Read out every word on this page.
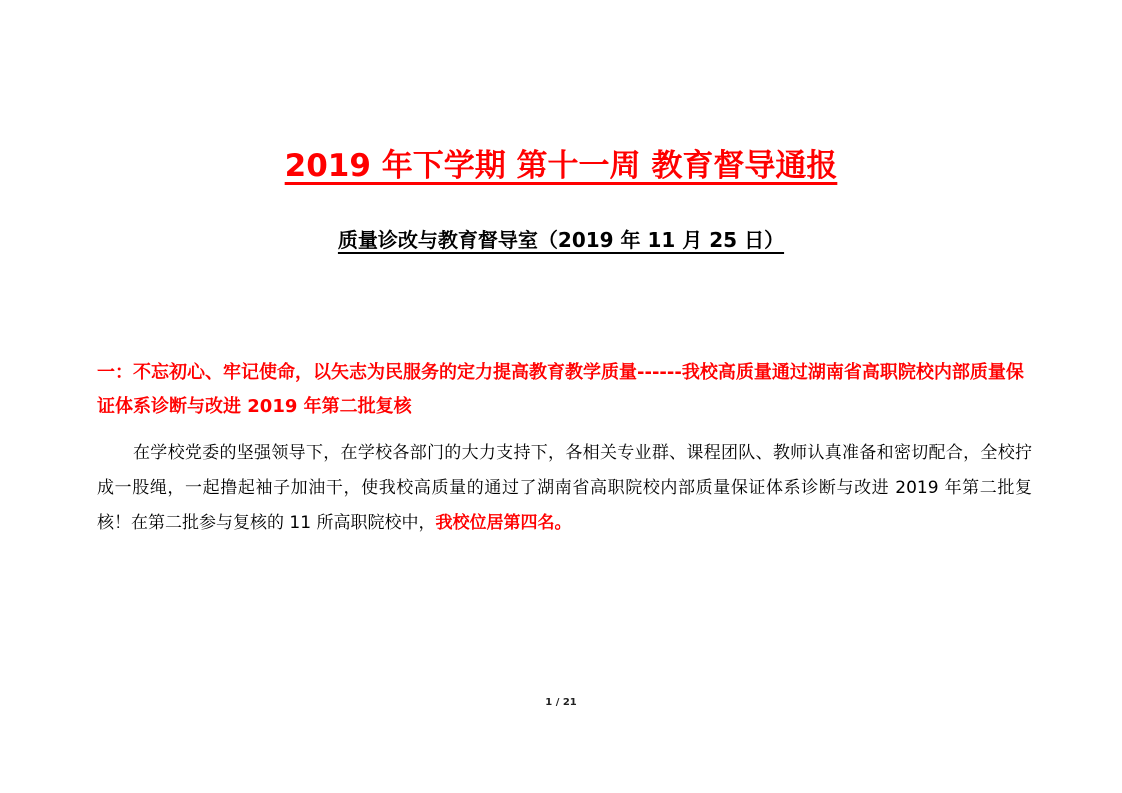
2019 年下学期 第十一周 教育督导通报
质量诊改与教育督导室（2019 年 11 月 25 日）
一：不忘初心、牢记使命，以矢志为民服务的定力提高教育教学质量------我校高质量通过湖南省高职院校内部质量保证体系诊断与改进 2019 年第二批复核
在学校党委的坚强领导下，在学校各部门的大力支持下，各相关专业群、课程团队、教师认真准备和密切配合，全校拧成一股绳，一起撸起袖子加油干，使我校高质量的通过了湖南省高职院校内部质量保证体系诊断与改进 2019 年第二批复核！在第二批参与复核的 11 所高职院校中，我校位居第四名。
1 / 21
